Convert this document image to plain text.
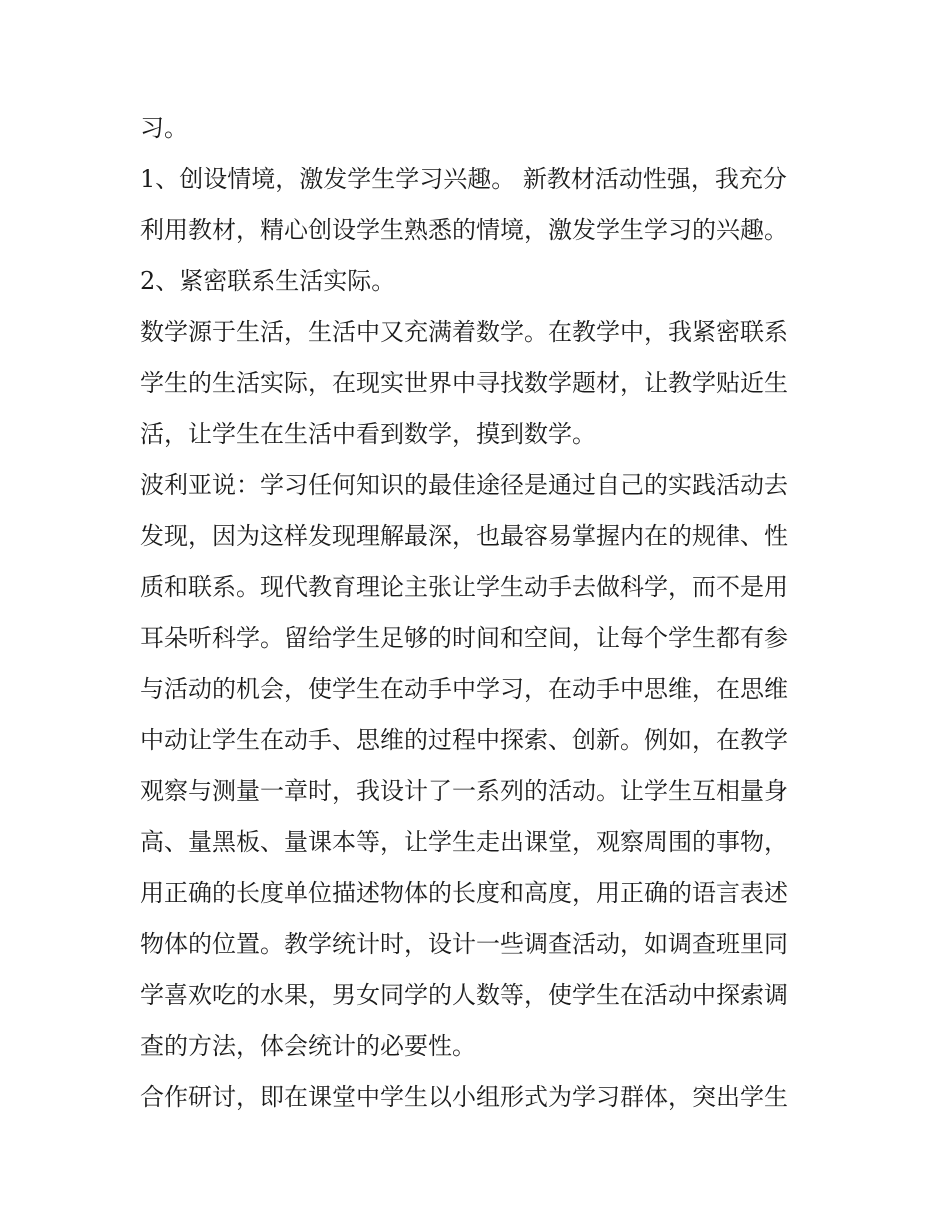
习。
1、创设情境，激发学生学习兴趣。 新教材活动性强，我充分
利用教材，精心创设学生熟悉的情境，激发学生学习的兴趣。
2、紧密联系生活实际。
数学源于生活，生活中又充满着数学。在教学中，我紧密联系
学生的生活实际，在现实世界中寻找数学题材，让教学贴近生
活，让学生在生活中看到数学，摸到数学。
波利亚说：学习任何知识的最佳途径是通过自己的实践活动去
发现，因为这样发现理解最深，也最容易掌握内在的规律、性
质和联系。现代教育理论主张让学生动手去做科学，而不是用
耳朵听科学。留给学生足够的时间和空间，让每个学生都有参
与活动的机会，使学生在动手中学习，在动手中思维，在思维
中动让学生在动手、思维的过程中探索、创新。例如，在教学
观察与测量一章时，我设计了一系列的活动。让学生互相量身
高、量黑板、量课本等，让学生走出课堂，观察周围的事物，
用正确的长度单位描述物体的长度和高度，用正确的语言表述
物体的位置。教学统计时，设计一些调查活动，如调查班里同
学喜欢吃的水果，男女同学的人数等，使学生在活动中探索调
查的方法，体会统计的必要性。
合作研讨，即在课堂中学生以小组形式为学习群体，突出学生
